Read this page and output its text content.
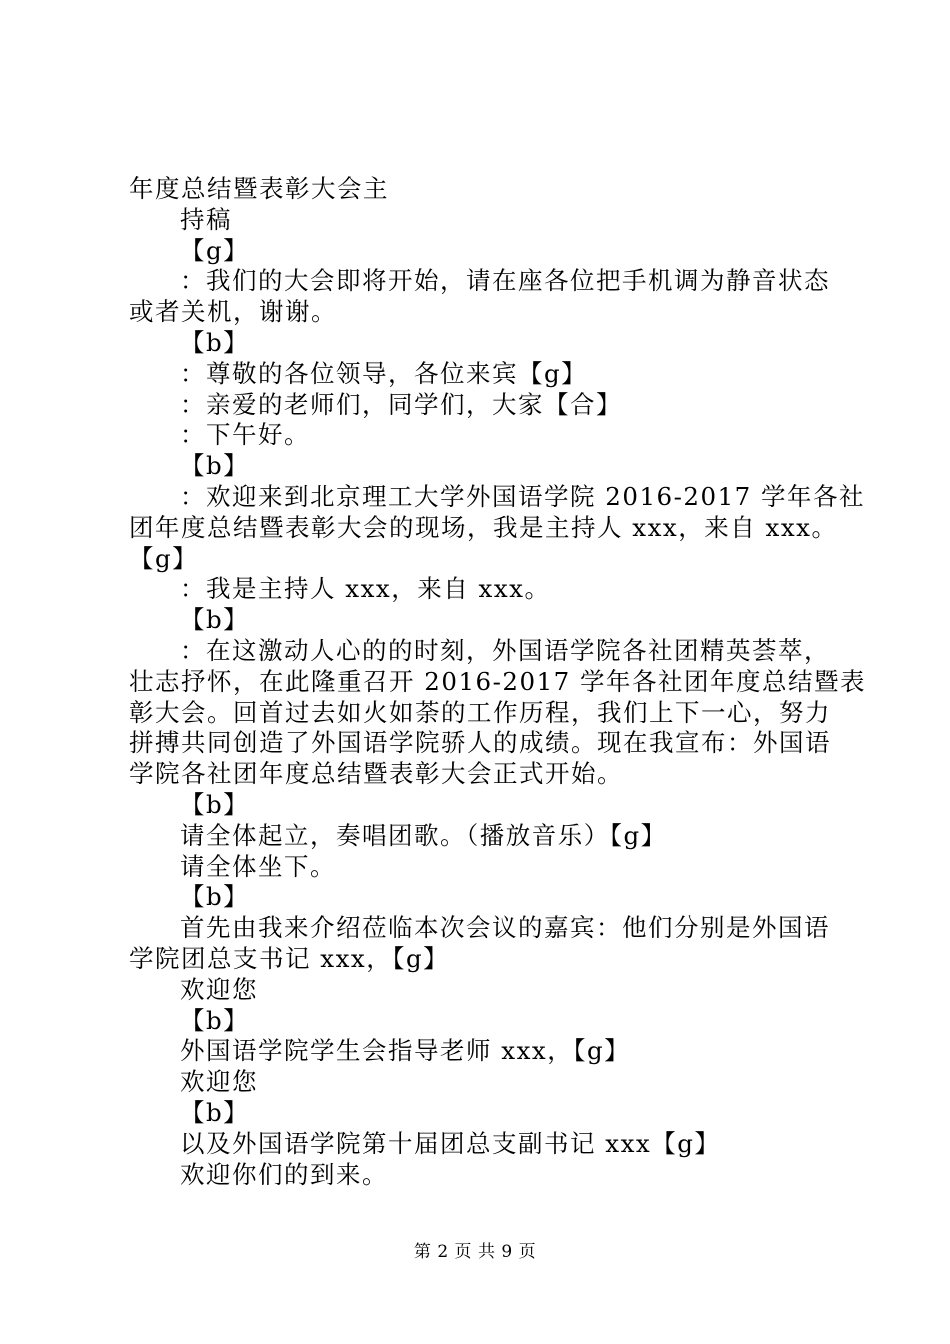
年度总结暨表彰大会主
持稿
【g】
：我们的大会即将开始，请在座各位把手机调为静音状态
或者关机，谢谢。
【b】
：尊敬的各位领导，各位来宾【g】
：亲爱的老师们，同学们，大家【合】
：下午好。
【b】
：欢迎来到北京理工大学外国语学院 2016-2017 学年各社
团年度总结暨表彰大会的现场，我是主持人 xxx，来自 xxx。
【g】
：我是主持人 xxx，来自 xxx。
【b】
：在这激动人心的的时刻，外国语学院各社团精英荟萃，
壮志抒怀，在此隆重召开 2016-2017 学年各社团年度总结暨表
彰大会。回首过去如火如荼的工作历程，我们上下一心，努力
拼搏共同创造了外国语学院骄人的成绩。现在我宣布：外国语
学院各社团年度总结暨表彰大会正式开始。
【b】
请全体起立，奏唱团歌。（播放音乐）【g】
请全体坐下。
【b】
首先由我来介绍莅临本次会议的嘉宾：他们分别是外国语
学院团总支书记 xxx，【g】
欢迎您
【b】
外国语学院学生会指导老师 xxx，【g】
欢迎您
【b】
以及外国语学院第十届团总支副书记 xxx【g】
欢迎你们的到来。
第 2 页 共 9 页
